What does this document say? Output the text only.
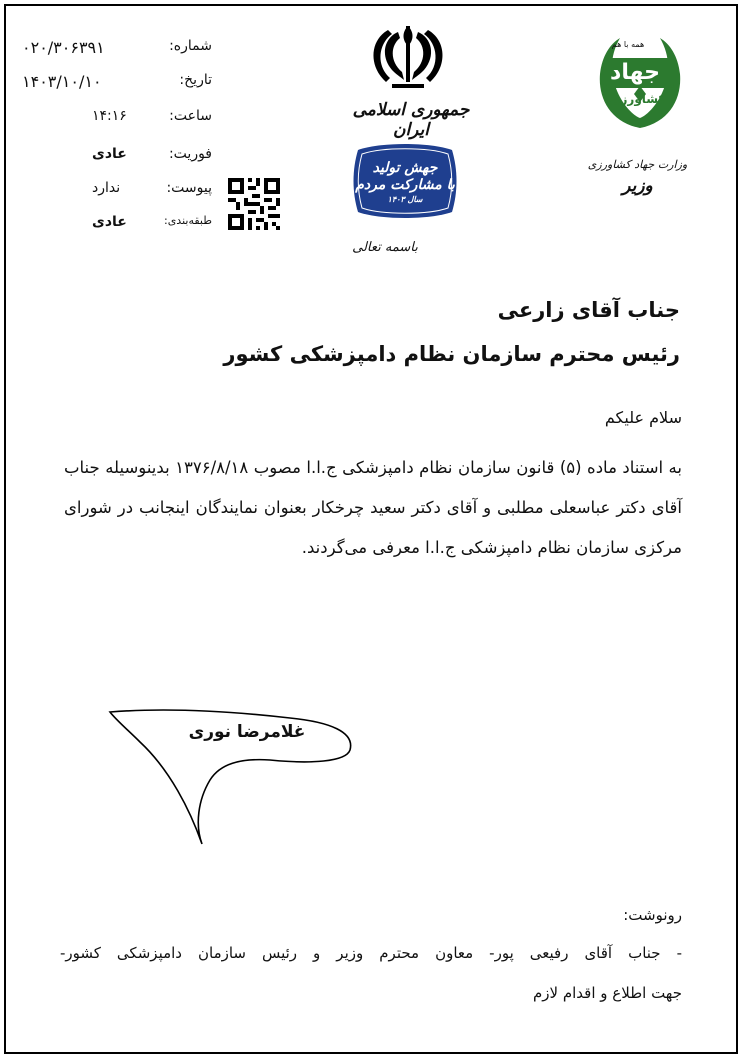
شماره:
۰۲۰/۳۰۶۳۹۱
تاریخ:
۱۴۰۳/۱۰/۱۰
ساعت:
۱۴:۱۶
فوریت:
عادی
پیوست:
ندارد
طبقه‌بندی:
عادی
جمهوری اسلامی ایران
جهش تولید
با مشارکت مردم
سال ۱۴۰۳
باسمه تعالی
همه با هم
جهاد
کشاورزی
وزارت جهاد کشاورزی
وزیر
جناب آقای زارعی
رئیس محترم سازمان نظام دامپزشکی کشور
سلام علیکم
به استناد ماده (۵) قانون سازمان نظام دامپزشکی ج.ا.ا مصوب ۱۳۷۶/۸/۱۸ بدینوسیله جناب آقای دکتر عباسعلی مطلبی و آقای دکتر سعید چرخکار بعنوان نمایندگان اینجانب در شورای مرکزی سازمان نظام دامپزشکی ج.ا.ا معرفی می‌گردند.
غلامرضا نوری
رونوشت:
- جناب آقای رفیعی پور- معاون محترم وزیر و رئیس سازمان دامپزشکی کشور-
جهت اطلاع و اقدام لازم
